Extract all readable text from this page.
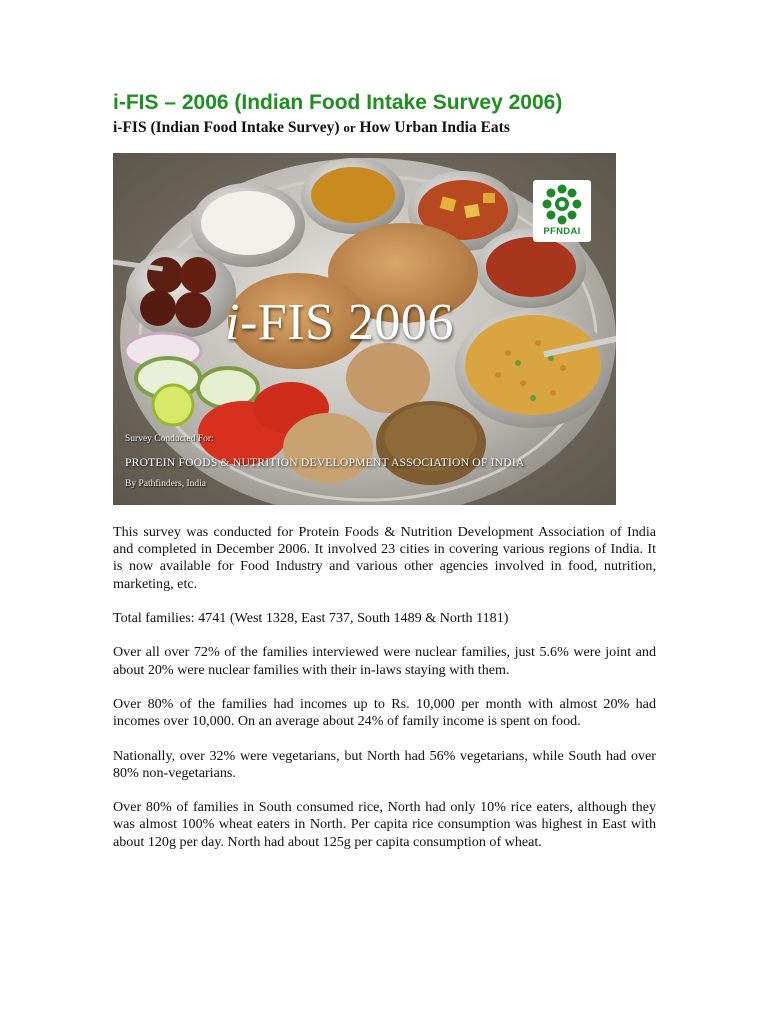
i-FIS – 2006 (Indian Food Intake Survey 2006)
i-FIS (Indian Food Intake Survey) or How Urban India Eats
PFNDAI
i-FIS 2006
Survey Conducted For:
PROTEIN FOODS & NUTRITION DEVELOPMENT ASSOCIATION OF INDIA
By Pathfinders, India

This survey was conducted for Protein Foods & Nutrition Development Association of India and completed in December 2006. It involved 23 cities in covering various regions of India. It is now available for Food Industry and various other agencies involved in food, nutrition, marketing, etc.

Total families: 4741 (West 1328, East 737, South 1489 & North 1181)

Over all over 72% of the families interviewed were nuclear families, just 5.6% were joint and about 20% were nuclear families with their in-laws staying with them.

Over 80% of the families had incomes up to Rs. 10,000 per month with almost 20% had incomes over 10,000. On an average about 24% of family income is spent on food.

Nationally, over 32% were vegetarians, but North had 56% vegetarians, while South had over 80% non-vegetarians.

Over 80% of families in South consumed rice, North had only 10% rice eaters, although they was almost 100% wheat eaters in North. Per capita rice consumption was highest in East with about 120g per day. North had about 125g per capita consumption of wheat.
